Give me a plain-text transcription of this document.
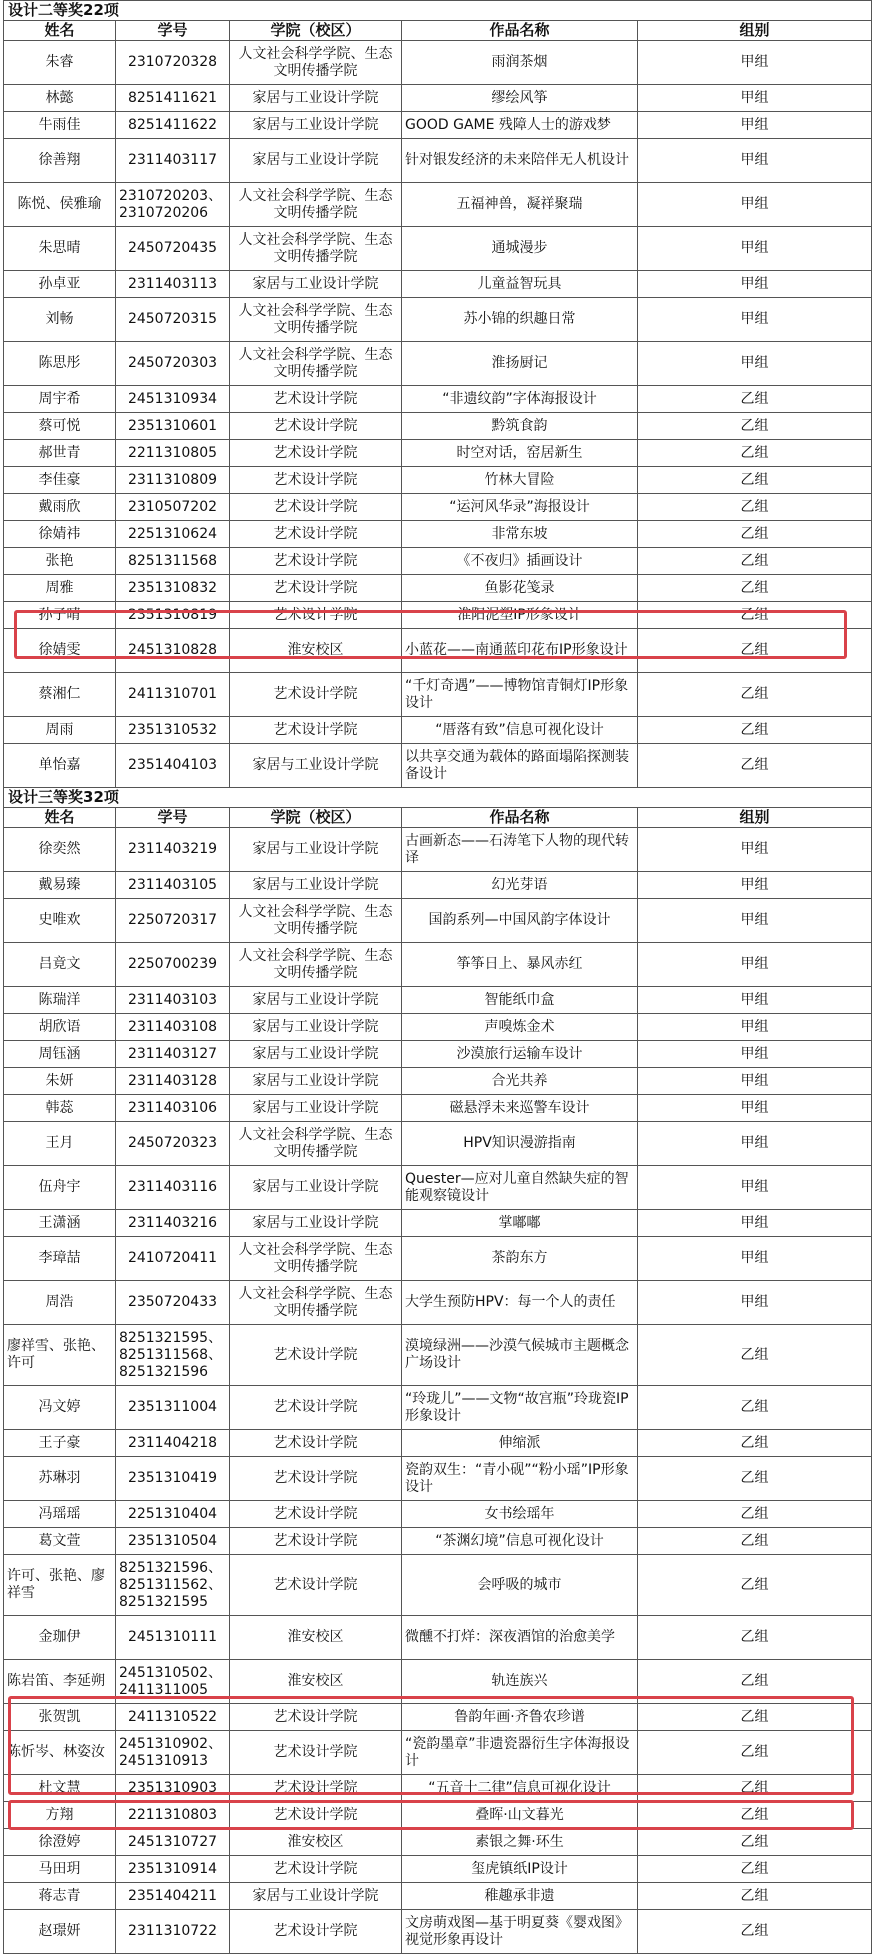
设计二等奖22项				
姓名	学号	学院（校区）	作品名称	组别
朱睿	2310720328	人文社会科学学院、生态文明传播学院	雨润茶烟	甲组
林懿	8251411621	家居与工业设计学院	缪绘风筝	甲组
牛雨佳	8251411622	家居与工业设计学院	GOOD GAME 残障人士的游戏梦	甲组
徐善翔	2311403117	家居与工业设计学院	针对银发经济的未来陪伴无人机设计	甲组
陈悦、侯雅瑜	2310720203、2310720206	人文社会科学学院、生态文明传播学院	五福神兽，凝祥聚瑞	甲组
朱思晴	2450720435	人文社会科学学院、生态文明传播学院	通城漫步	甲组
孙卓亚	2311403113	家居与工业设计学院	儿童益智玩具	甲组
刘畅	2450720315	人文社会科学学院、生态文明传播学院	苏小锦的织趣日常	甲组
陈思彤	2450720303	人文社会科学学院、生态文明传播学院	淮扬厨记	甲组
周宇希	2451310934	艺术设计学院	“非遗纹韵”字体海报设计	乙组
蔡可悦	2351310601	艺术设计学院	黔筑食韵	乙组
郝世青	2211310805	艺术设计学院	时空对话，窑居新生	乙组
李佳豪	2311310809	艺术设计学院	竹林大冒险	乙组
戴雨欣	2310507202	艺术设计学院	“运河风华录”海报设计	乙组
徐婧祎	2251310624	艺术设计学院	非常东坡	乙组
张艳	8251311568	艺术设计学院	《不夜归》插画设计	乙组
周雅	2351310832	艺术设计学院	鱼影花笺录	乙组
孙子晴	2351310819	艺术设计学院	淮阳泥塑IP形象设计	乙组
徐婧雯	2451310828	淮安校区	小蓝花——南通蓝印花布IP形象设计	乙组
蔡湘仁	2411310701	艺术设计学院	“千灯奇遇”——博物馆青铜灯IP形象设计	乙组
周雨	2351310532	艺术设计学院	“厝落有致”信息可视化设计	乙组
单怡嘉	2351404103	家居与工业设计学院	以共享交通为载体的路面塌陷探测装备设计	乙组
设计三等奖32项				
姓名	学号	学院（校区）	作品名称	组别
徐奕然	2311403219	家居与工业设计学院	古画新态——石涛笔下人物的现代转译	甲组
戴易臻	2311403105	家居与工业设计学院	幻光芽语	甲组
史唯欢	2250720317	人文社会科学学院、生态文明传播学院	国韵系列—中国风韵字体设计	甲组
吕竟文	2250700239	人文社会科学学院、生态文明传播学院	筝筝日上、暴风赤红	甲组
陈瑞洋	2311403103	家居与工业设计学院	智能纸巾盒	甲组
胡欣语	2311403108	家居与工业设计学院	声嗅炼金术	甲组
周钰涵	2311403127	家居与工业设计学院	沙漠旅行运输车设计	甲组
朱妍	2311403128	家居与工业设计学院	合光共养	甲组
韩蕊	2311403106	家居与工业设计学院	磁悬浮未来巡警车设计	甲组
王月	2450720323	人文社会科学学院、生态文明传播学院	HPV知识漫游指南	甲组
伍舟宇	2311403116	家居与工业设计学院	Quester—应对儿童自然缺失症的智能观察镜设计	甲组
王潇涵	2311403216	家居与工业设计学院	掌嘟嘟	甲组
李璋喆	2410720411	人文社会科学学院、生态文明传播学院	茶韵东方	甲组
周浩	2350720433	人文社会科学学院、生态文明传播学院	大学生预防HPV：每一个人的责任	甲组
廖祥雪、张艳、许可	8251321595、8251311568、8251321596	艺术设计学院	漠境绿洲——沙漠气候城市主题概念广场设计	乙组
冯文婷	2351311004	艺术设计学院	“玲珑儿”——文物“故宫瓶”玲珑瓷IP形象设计	乙组
王子豪	2311404218	艺术设计学院	伸缩派	乙组
苏琳羽	2351310419	艺术设计学院	瓷韵双生：“青小砚”“粉小瑶”IP形象设计	乙组
冯瑶瑶	2251310404	艺术设计学院	女书绘瑶年	乙组
葛文萱	2351310504	艺术设计学院	“茶渊幻境”信息可视化设计	乙组
许可、张艳、廖祥雪	8251321596、8251311562、8251321595	艺术设计学院	会呼吸的城市	乙组
金珈伊	2451310111	淮安校区	微醺不打烊：深夜酒馆的治愈美学	乙组
陈岩笛、李延朔	2451310502、2411311005	淮安校区	轨连族兴	乙组
张贺凯	2411310522	艺术设计学院	鲁韵年画·齐鲁农珍谱	乙组
陈忻岑、林姿汝	2451310902、2451310913	艺术设计学院	“瓷韵墨章”非遗瓷器衍生字体海报设计	乙组
杜文慧	2351310903	艺术设计学院	“五音十二律”信息可视化设计	乙组
方翔	2211310803	艺术设计学院	叠晖·山文暮光	乙组
徐澄婷	2451310727	淮安校区	素银之舞·环生	乙组
马田玥	2351310914	艺术设计学院	玺虎镇纸IP设计	乙组
蒋志青	2351404211	家居与工业设计学院	稚趣承非遗	乙组
赵璟妍	2311310722	艺术设计学院	文房萌戏图—基于明夏葵《婴戏图》视觉形象再设计	乙组
